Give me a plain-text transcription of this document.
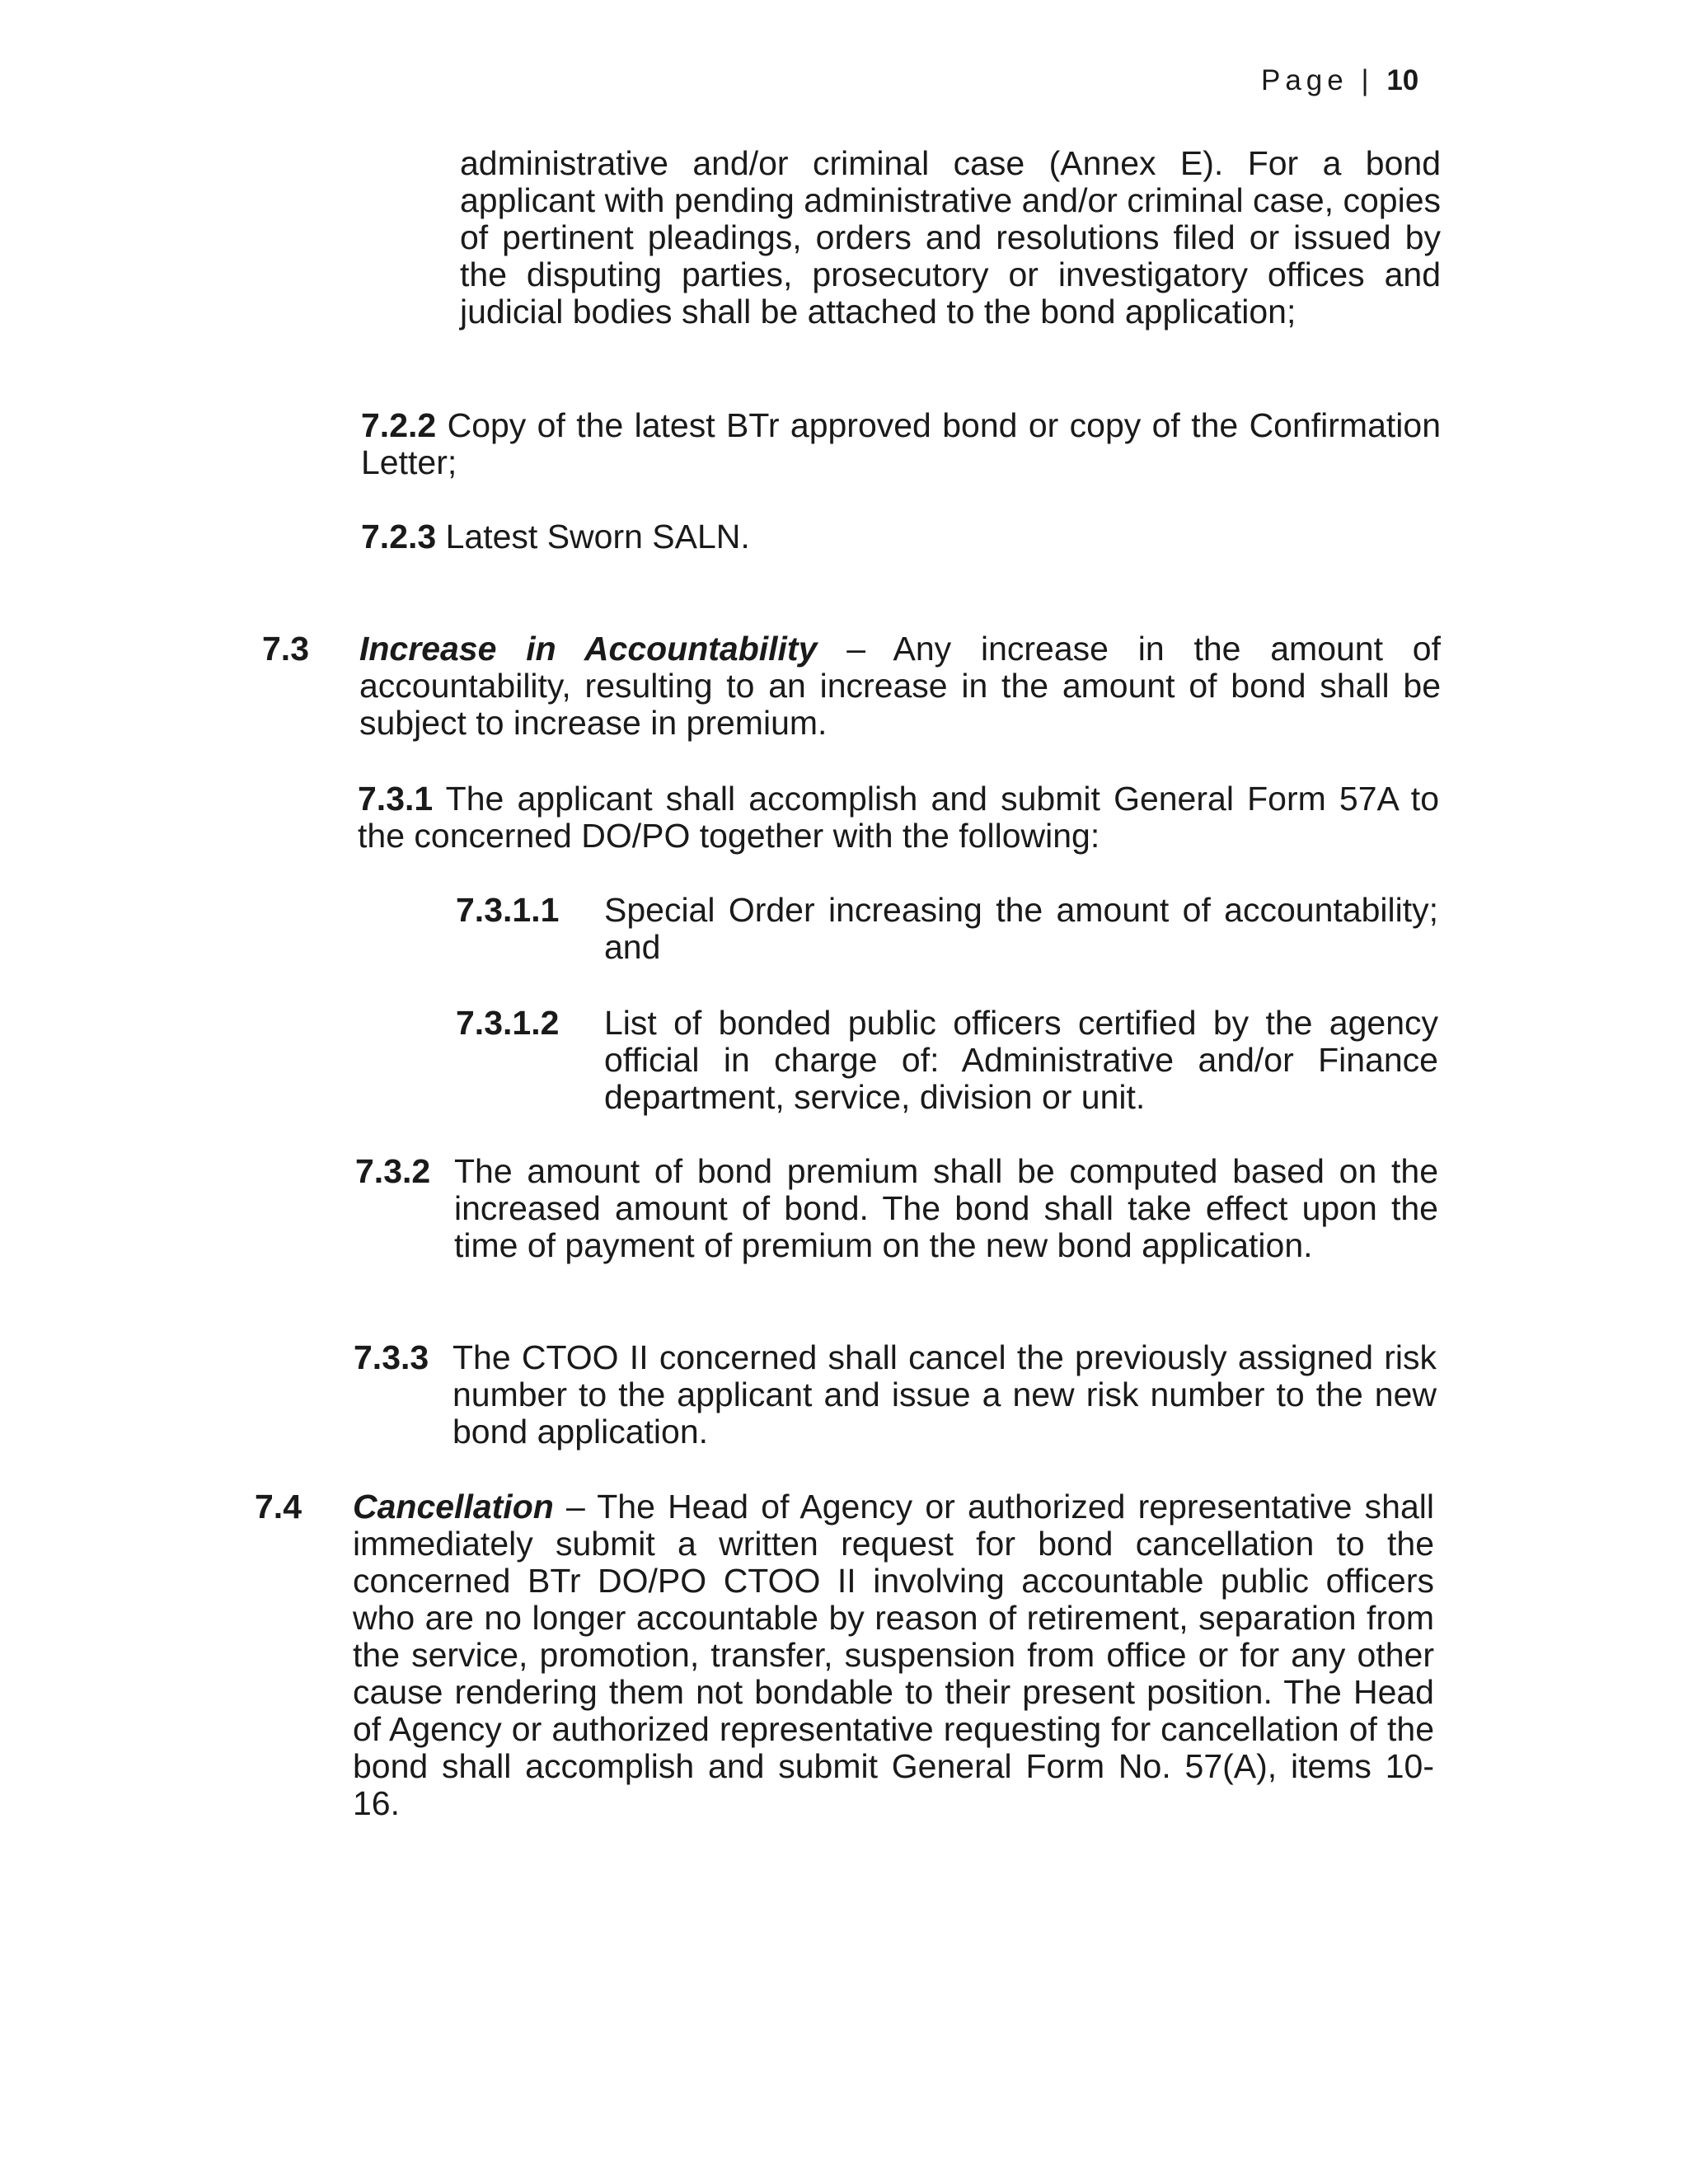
Page | 10
administrative and/or criminal case (Annex E). For a bond applicant with pending administrative and/or criminal case, copies of pertinent pleadings, orders and resolutions filed or issued by the disputing parties, prosecutory or investigatory offices and judicial bodies shall be attached to the bond application;
7.2.2 Copy of the latest BTr approved bond or copy of the Confirmation Letter;
7.2.3 Latest Sworn SALN.
7.3 Increase in Accountability – Any increase in the amount of accountability, resulting to an increase in the amount of bond shall be subject to increase in premium.
7.3.1 The applicant shall accomplish and submit General Form 57A to the concerned DO/PO together with the following:
7.3.1.1 Special Order increasing the amount of accountability; and
7.3.1.2 List of bonded public officers certified by the agency official in charge of: Administrative and/or Finance department, service, division or unit.
7.3.2 The amount of bond premium shall be computed based on the increased amount of bond. The bond shall take effect upon the time of payment of premium on the new bond application.
7.3.3 The CTOO II concerned shall cancel the previously assigned risk number to the applicant and issue a new risk number to the new bond application.
7.4 Cancellation – The Head of Agency or authorized representative shall immediately submit a written request for bond cancellation to the concerned BTr DO/PO CTOO II involving accountable public officers who are no longer accountable by reason of retirement, separation from the service, promotion, transfer, suspension from office or for any other cause rendering them not bondable to their present position. The Head of Agency or authorized representative requesting for cancellation of the bond shall accomplish and submit General Form No. 57(A), items 10-16.
